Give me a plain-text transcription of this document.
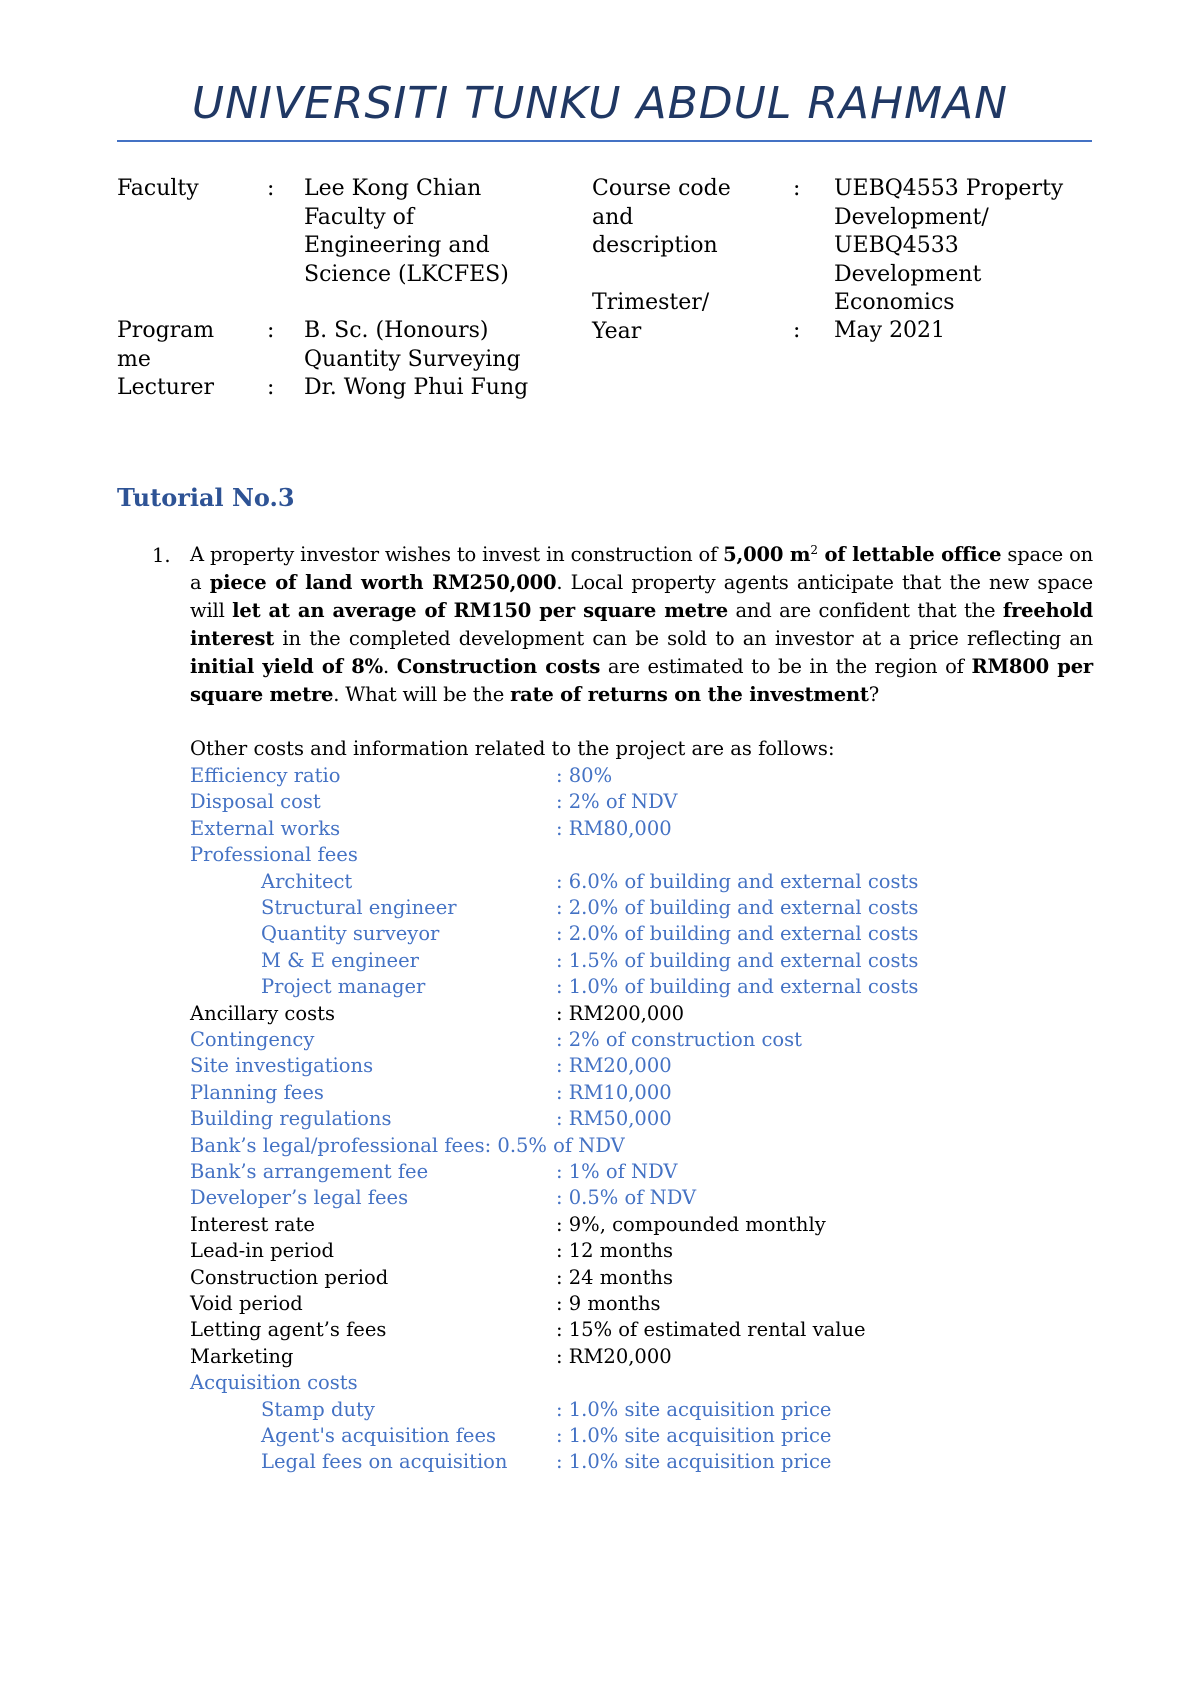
UNIVERSITI TUNKU ABDUL RAHMAN
Faculty	: Lee Kong Chian
Faculty of
Engineering and
Science (LKCFES)
Program
me
: B. Sc. (Honours)
Quantity Surveying
Lecturer : Dr. Wong Phui Fung
Course code
and
description
: UEBQ4553 Property
Development/
UEBQ4533
Development
Economics
Trimester/
Year	: May 2021
Tutorial No.3
1. A property investor wishes to invest in construction of 5,000 $m^2$ of lettable office space on a piece of land worth RM250,000. Local property agents anticipate that the new space will let at an average of RM150 per square metre and are confident that the freehold interest in the completed development can be sold to an investor at a price reflecting an initial yield of 8%. Construction costs are estimated to be in the region of RM800 per square metre. What will be the rate of returns on the investment?
Other costs and information related to the project are as follows:
Efficiency ratio	: 80%
Disposal cost	: 2% of NDV
External works	: RM80,000
Professional fees
Architect	: 6.0% of building and external costs
Structural engineer	: 2.0% of building and external costs
Quantity surveyor	: 2.0% of building and external costs
M & E engineer	: 1.5% of building and external costs
Project manager	: 1.0% of building and external costs
Ancillary costs	: RM200,000
Contingency	: 2% of construction cost
Site investigations	: RM20,000
Planning fees	: RM10,000
Building regulations	: RM50,000
Bank’s legal/professional fees: 0.5% of NDV
Bank’s arrangement fee	: 1% of NDV
Developer’s legal fees	: 0.5% of NDV
Interest rate	: 9%, compounded monthly
Lead-in period	: 12 months
Construction period	: 24 months
Void period	: 9 months
Letting agent’s fees	: 15% of estimated rental value
Marketing	: RM20,000
Acquisition costs
Stamp duty	: 1.0% site acquisition price
Agent's acquisition fees	: 1.0% site acquisition price
Legal fees on acquisition : 1.0% site acquisition price
